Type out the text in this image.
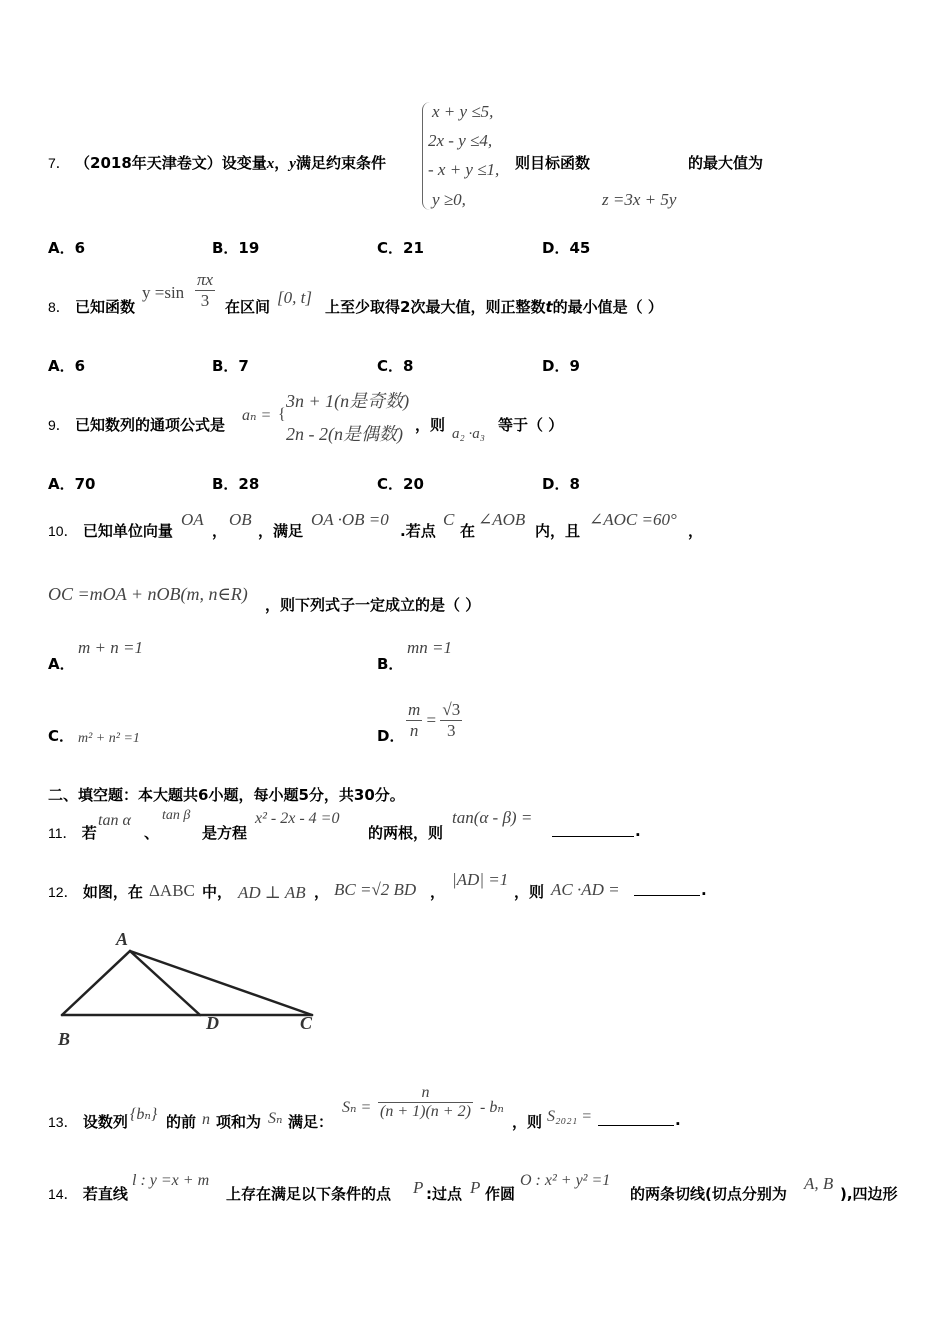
7． （2018年天津卷文）设变量x，y满足约束条件
x + y ≤5,
2x - y ≤4,
- x + y ≤1,
y ≥0,
则目标函数	的最大值为
z =3x + 5y
A．6	B．19	C．21	D．45
8． 已知函数
$y =\sin \frac{\pi x}{3}$ 在区间 [0, t] 上至少取得2次最大值，则正整数t的最小值是（ ）
A．6	B．7	C．8	D．9
9． 已知数列的通项公式是
aₙ = {
3n + 1(n是奇数)
2n - 2(n是偶数) ，则 a₂ ·a₃ 等于（ ）
A．70	B．28	C．20	D．8
10． 已知单位向量
OA
，
OB
，满足
OA ·OB =0
.若点
C
在
∠AOB
内，且
∠AOC =60°
，
OC =mOA + nOB(m, n∈R)
，则下列式子一定成立的是（ ）
A．
m + n =1
B．
mn =1
C． m² + n² =1	D． $\frac{m}{n} = \frac{√3}{3}$
二、填空题：本大题共6小题，每小题5分，共30分。
11． 若
tan α
、
tan β
是方程
x² - 2x - 4 =0
的两根，则
tan(α - β) =
.
12． 如图，在 ΔABC 中， AD ⊥ AB ， BC =√2 BD ，
|AD| =1
，则 AC ·AD =	.
A
B
D	C
13． 设数列 {bₙ} 的前 n 项和为 Sₙ 满足：
$S_n = \frac{n}{(n + 1)(n + 2)} - b_n$
，则 S₂₀₂₁ =	.
14． 若直线
l : y =x + m
上存在满足以下条件的点 P :过点 P 作圆
O : x² + y² =1
的两条切线(切点分别为
A, B
),四边形
